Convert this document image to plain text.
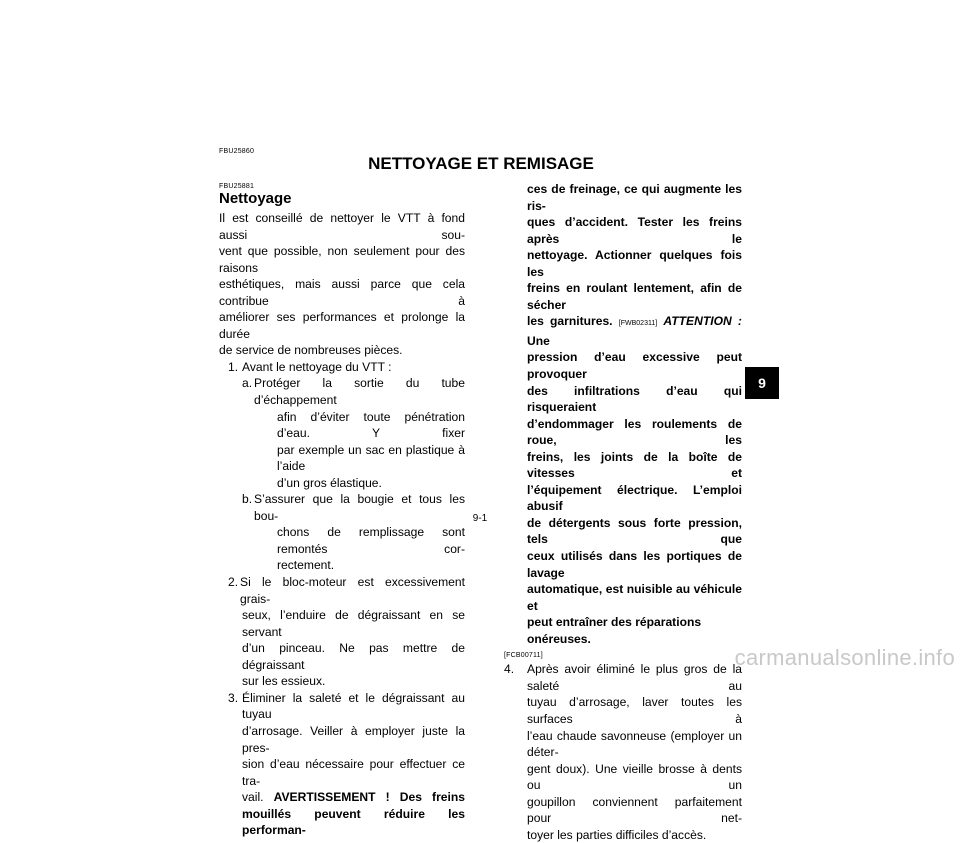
FBU25860
NETTOYAGE ET REMISAGE
FBU25881
Nettoyage

Il est conseillé de nettoyer le VTT à fond aussi sou-

vent que possible, non seulement pour des raisons

esthétiques, mais aussi parce que cela contribue à

améliorer ses performances et prolonge la durée

de service de nombreuses pièces.

1. Avant le nettoyage du VTT :

a. Protéger la sortie du tube d’échappement

afin d’éviter toute pénétration d’eau. Y fixer

par exemple un sac en plastique à l’aide

d’un gros élastique.

b. S’assurer que la bougie et tous les bou-

chons de remplissage sont remontés cor-

rectement.

2. Si le bloc-moteur est excessivement grais-

seux, l’enduire de dégraissant en se servant

d’un pinceau. Ne pas mettre de dégraissant

sur les essieux.

3. Éliminer la saleté et le dégraissant au tuyau

d’arrosage. Veiller à employer juste la pres-

sion d’eau nécessaire pour effectuer ce tra-

vail. AVERTISSEMENT ! Des freins

mouillés peuvent réduire les performan-

ces de freinage, ce qui augmente les ris-

ques d’accident. Tester les freins après le

nettoyage. Actionner quelques fois les

freins en roulant lentement, afin de sécher

les garnitures. [FWB02311] ATTENTION : Une

pression d’eau excessive peut provoquer

des infiltrations d’eau qui risqueraient

d’endommager les roulements de roue, les

freins, les joints de la boîte de vitesses et

l’équipement électrique. L’emploi abusif

de détergents sous forte pression, tels que

ceux utilisés dans les portiques de lavage

automatique, est nuisible au véhicule et

peut entraîner des réparations onéreuses.

[FCB00711]

4. Après avoir éliminé le plus gros de la saleté au

tuyau d’arrosage, laver toutes les surfaces à

l’eau chaude savonneuse (employer un déter-

gent doux). Une vieille brosse à dents ou un

goupillon conviennent parfaitement pour net-

toyer les parties difficiles d’accès.

9
9-1
carmanualsonline.info
